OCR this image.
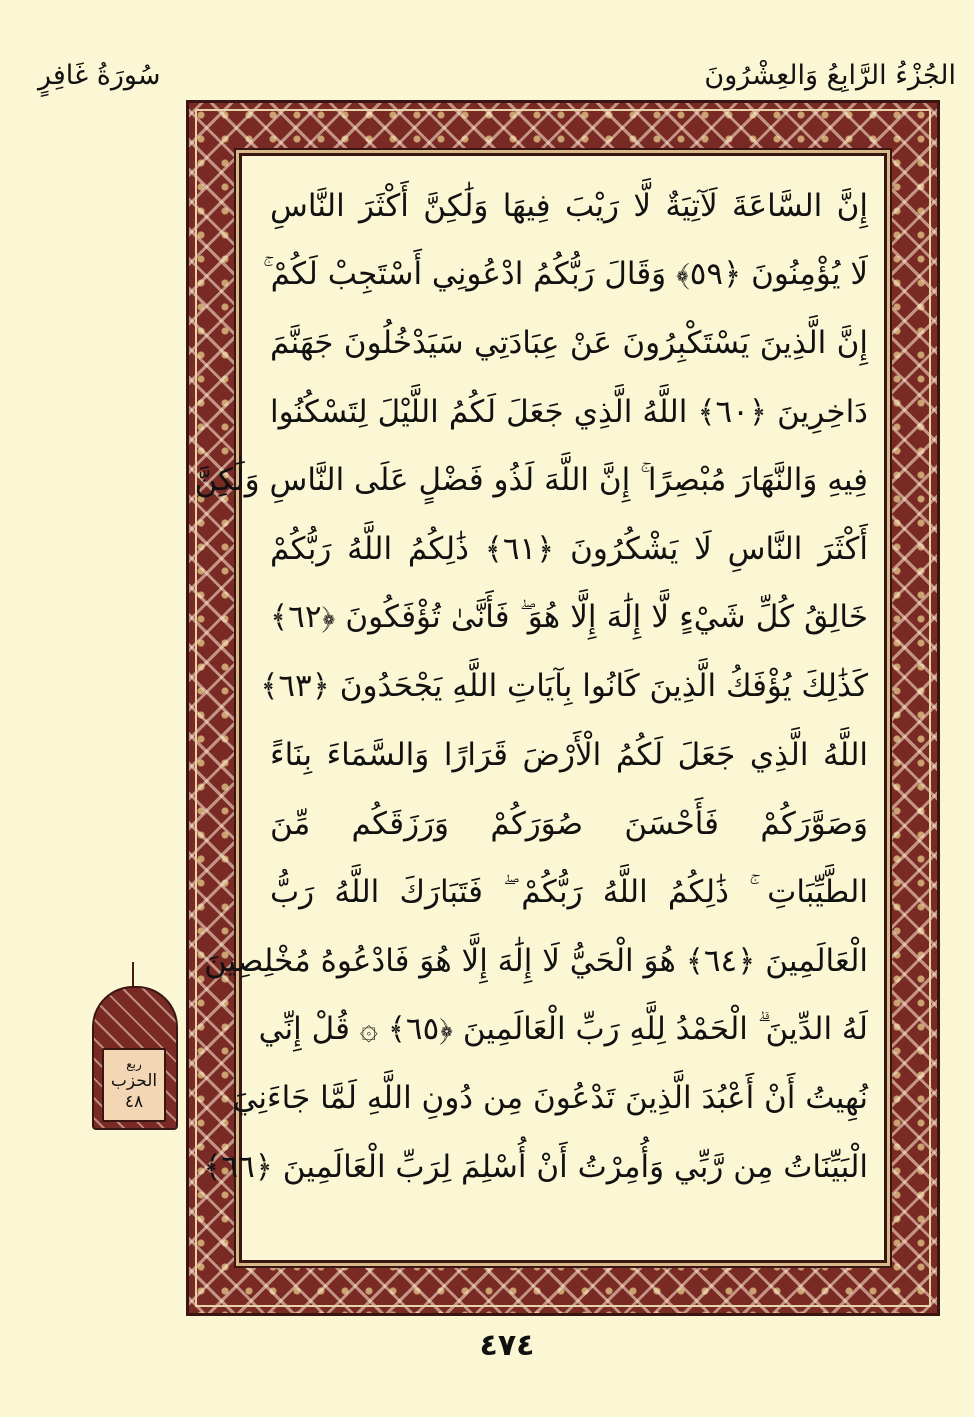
سُورَةُ غَافِرٍ	الجُزْءُ الرَّابِعُ وَالعِشْرُونَ
إِنَّ السَّاعَةَ لَآتِيَةٌ لَّا رَيْبَ فِيهَا وَلَٰكِنَّ أَكْثَرَ النَّاسِ
لَا يُؤْمِنُونَ ﴿٥٩﴾ وَقَالَ رَبُّكُمُ ادْعُونِي أَسْتَجِبْ لَكُمْ ۚ
إِنَّ الَّذِينَ يَسْتَكْبِرُونَ عَنْ عِبَادَتِي سَيَدْخُلُونَ جَهَنَّمَ
دَاخِرِينَ ﴿٦٠﴾ اللَّهُ الَّذِي جَعَلَ لَكُمُ اللَّيْلَ لِتَسْكُنُوا
فِيهِ وَالنَّهَارَ مُبْصِرًا ۚ إِنَّ اللَّهَ لَذُو فَضْلٍ عَلَى النَّاسِ وَلَٰكِنَّ
أَكْثَرَ النَّاسِ لَا يَشْكُرُونَ ﴿٦١﴾ ذَٰلِكُمُ اللَّهُ رَبُّكُمْ
خَالِقُ كُلِّ شَيْءٍ لَّا إِلَٰهَ إِلَّا هُوَ ۖ فَأَنَّىٰ تُؤْفَكُونَ ﴿٦٢﴾
كَذَٰلِكَ يُؤْفَكُ الَّذِينَ كَانُوا بِآيَاتِ اللَّهِ يَجْحَدُونَ ﴿٦٣﴾
اللَّهُ الَّذِي جَعَلَ لَكُمُ الْأَرْضَ قَرَارًا وَالسَّمَاءَ بِنَاءً
وَصَوَّرَكُمْ فَأَحْسَنَ صُوَرَكُمْ وَرَزَقَكُم مِّنَ
الطَّيِّبَاتِ ۚ ذَٰلِكُمُ اللَّهُ رَبُّكُمْ ۖ فَتَبَارَكَ اللَّهُ رَبُّ
الْعَالَمِينَ ﴿٦٤﴾ هُوَ الْحَيُّ لَا إِلَٰهَ إِلَّا هُوَ فَادْعُوهُ مُخْلِصِينَ
لَهُ الدِّينَ ۗ الْحَمْدُ لِلَّهِ رَبِّ الْعَالَمِينَ ﴿٦٥﴾ ۞ قُلْ إِنِّي
نُهِيتُ أَنْ أَعْبُدَ الَّذِينَ تَدْعُونَ مِن دُونِ اللَّهِ لَمَّا جَاءَنِيَ
الْبَيِّنَاتُ مِن رَّبِّي وَأُمِرْتُ أَنْ أُسْلِمَ لِرَبِّ الْعَالَمِينَ ﴿٦٦﴾
ربع
الحزب
٤٨
٤٧٤
